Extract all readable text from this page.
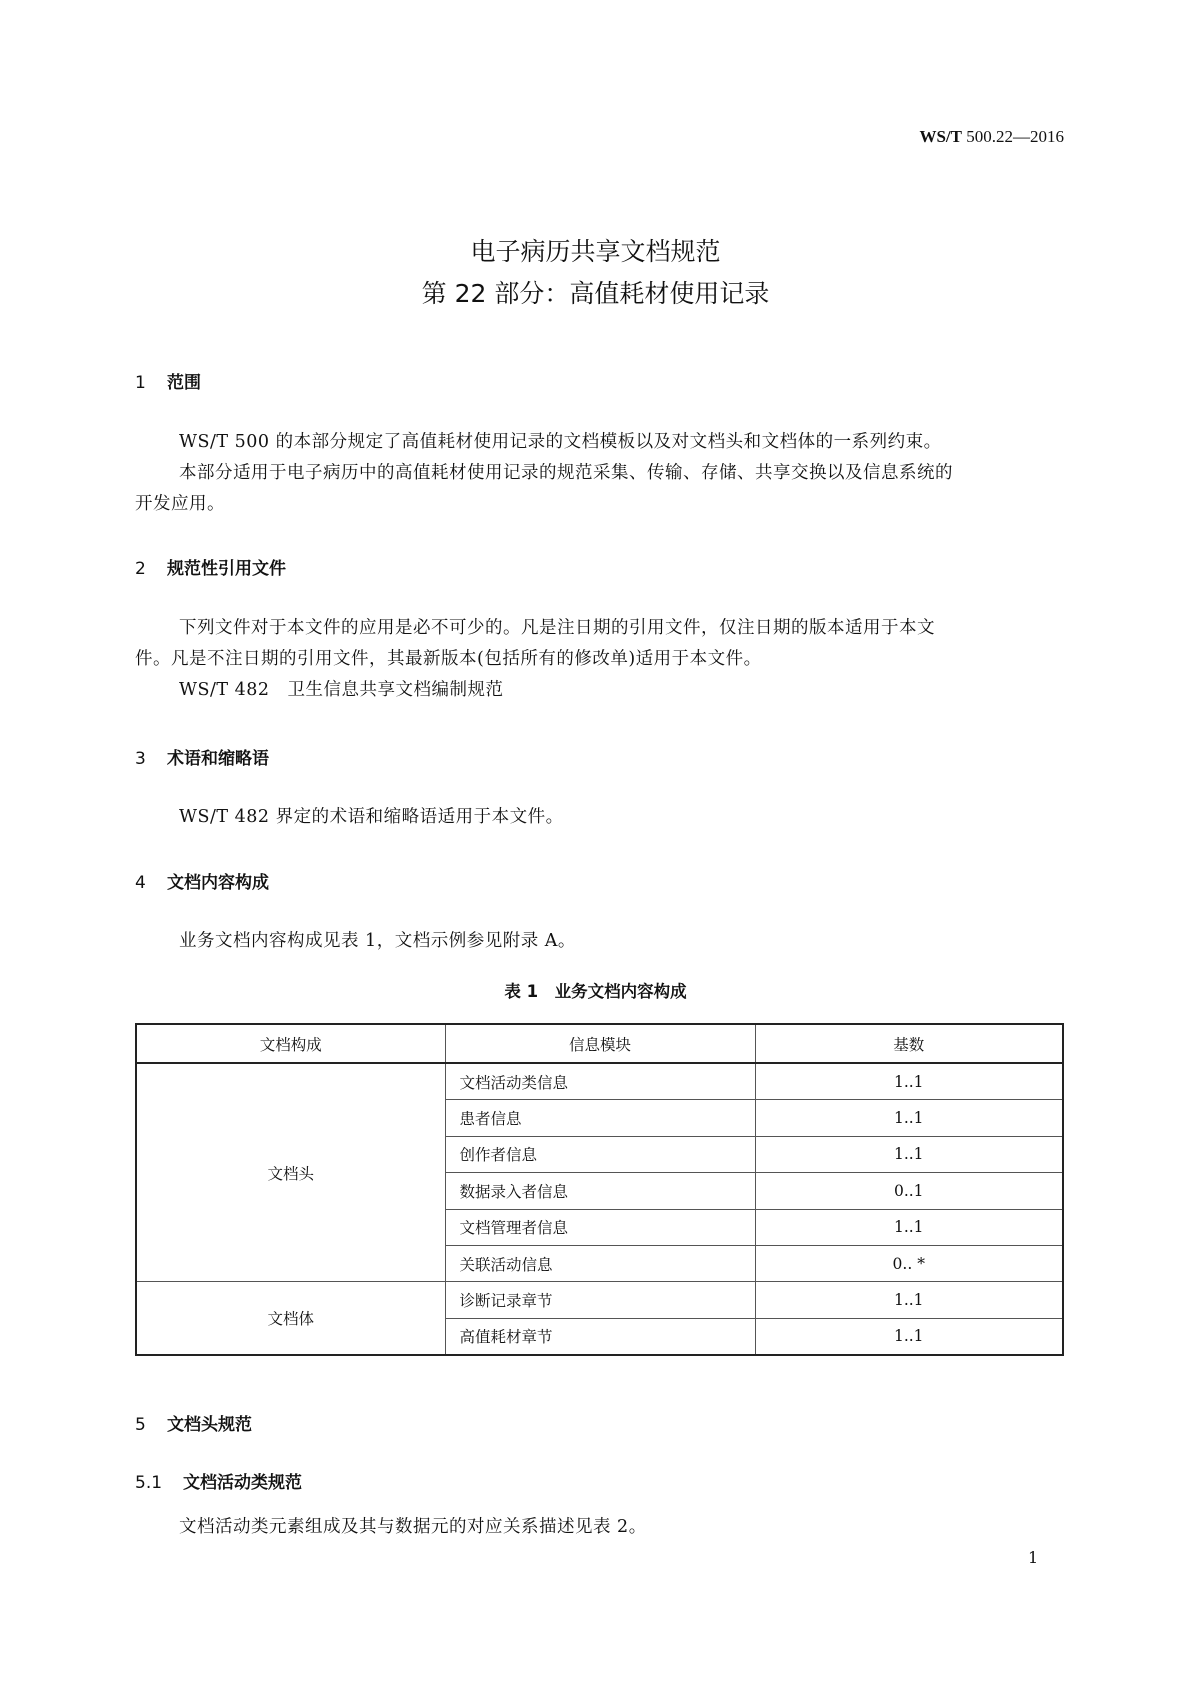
WS/T 500.22—2016
电子病历共享文档规范
第 22 部分：高值耗材使用记录
1 范围
WS/T 500 的本部分规定了高值耗材使用记录的文档模板以及对文档头和文档体的一系列约束。
本部分适用于电子病历中的高值耗材使用记录的规范采集、传输、存储、共享交换以及信息系统的
开发应用。
2 规范性引用文件
下列文件对于本文件的应用是必不可少的。凡是注日期的引用文件，仅注日期的版本适用于本文
件。凡是不注日期的引用文件，其最新版本(包括所有的修改单)适用于本文件。
WS/T 482　卫生信息共享文档编制规范
3 术语和缩略语
WS/T 482 界定的术语和缩略语适用于本文件。
4 文档内容构成
业务文档内容构成见表 1，文档示例参见附录 A。
表 1　业务文档内容构成
文档构成	信息模块	基数
文档头	文档活动类信息	1..1
	患者信息	1..1
	创作者信息	1..1
	数据录入者信息	0..1
	文档管理者信息	1..1
	关联活动信息	0.. *
文档体	诊断记录章节	1..1
	高值耗材章节	1..1
5 文档头规范
5.1 文档活动类规范
文档活动类元素组成及其与数据元的对应关系描述见表 2。
1
